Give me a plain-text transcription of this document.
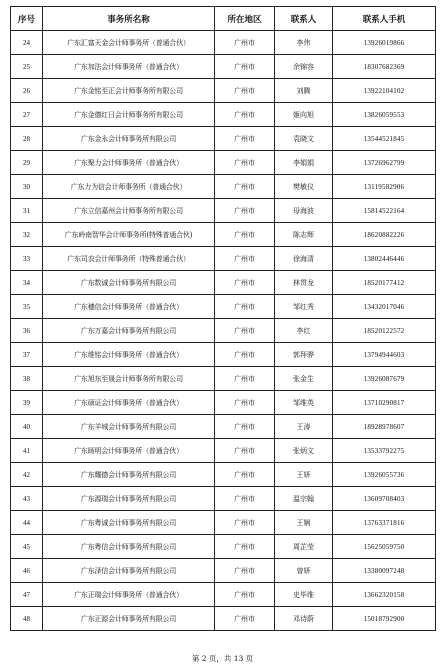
序号	事务所名称	所在地区	联系人	联系人手机
24	广东汇富天金会计师事务所（普通合伙）	广州市	李伟	13926019866
25	广东加法会计师事务所（普通合伙）	广州市	余锦容	18307682369
26	广东金铭至正会计师事务所有限公司	广州市	刘腾	13922104102
27	广东金德红日会计师事务所有限公司	广州市	姬向旭	13826059553
28	广东金永会计师事务所有限公司	广州市	袁晓文	13544521845
29	广东聚力会计师事务所（普通合伙）	广州市	李娟娟	13726962799
30	广东力为信会计师事务所（普通合伙）	广州市	樊敏仪	13119582906
31	广东立信嘉州会计师事务所有限公司	广州市	母海波	15814522164
32	广东岭南智华会计师事务所(特殊普通合伙)	广州市	陈志辉	18620882226
33	广东司农会计师事务所（特殊普通合伙）	广州市	徐海清	13802446446
34	广东数诚会计师事务所有限公司	广州市	林贯龙	18520177412
35	广东穗信会计师事务所（普通合伙）	广州市	邹红秀	13432017046
36	广东万嘉会计师事务所有限公司	广州市	李红	18520122572
37	广东维铭会计师事务所（普通合伙）	广州市	郭拜骅	13794944603
38	广东旭东至晟会计师事务所有限公司	广州市	张金生	13926087679
39	广东硕证会计师事务所（普通合伙）	广州市	邹维英	13710290817
40	广东羊城会计师事务所有限公司	广州市	王涛	18928978607
41	广东旸明会计师事务所（普通合伙）	广州市	张炳文	13533792275
42	广东耀德会计师事务所有限公司	广州市	王妍	13926055736
43	广东源瑞会计师事务所有限公司	广州市	温宗翰	13609708403
44	广东粤诚会计师事务所有限公司	广州市	王娴	13763371816
45	广东粤信会计师事务所有限公司	广州市	周芷莹	15625059750
46	广东泽信会计师事务所有限公司	广州市	曾妍	13380097248
47	广东正瑞会计师事务所（普通合伙）	广州市	史毕维	13662320158
48	广东正源会计师事务所有限公司	广州市	邓诗蔚	15018792900
第 2 页，共 13 页
